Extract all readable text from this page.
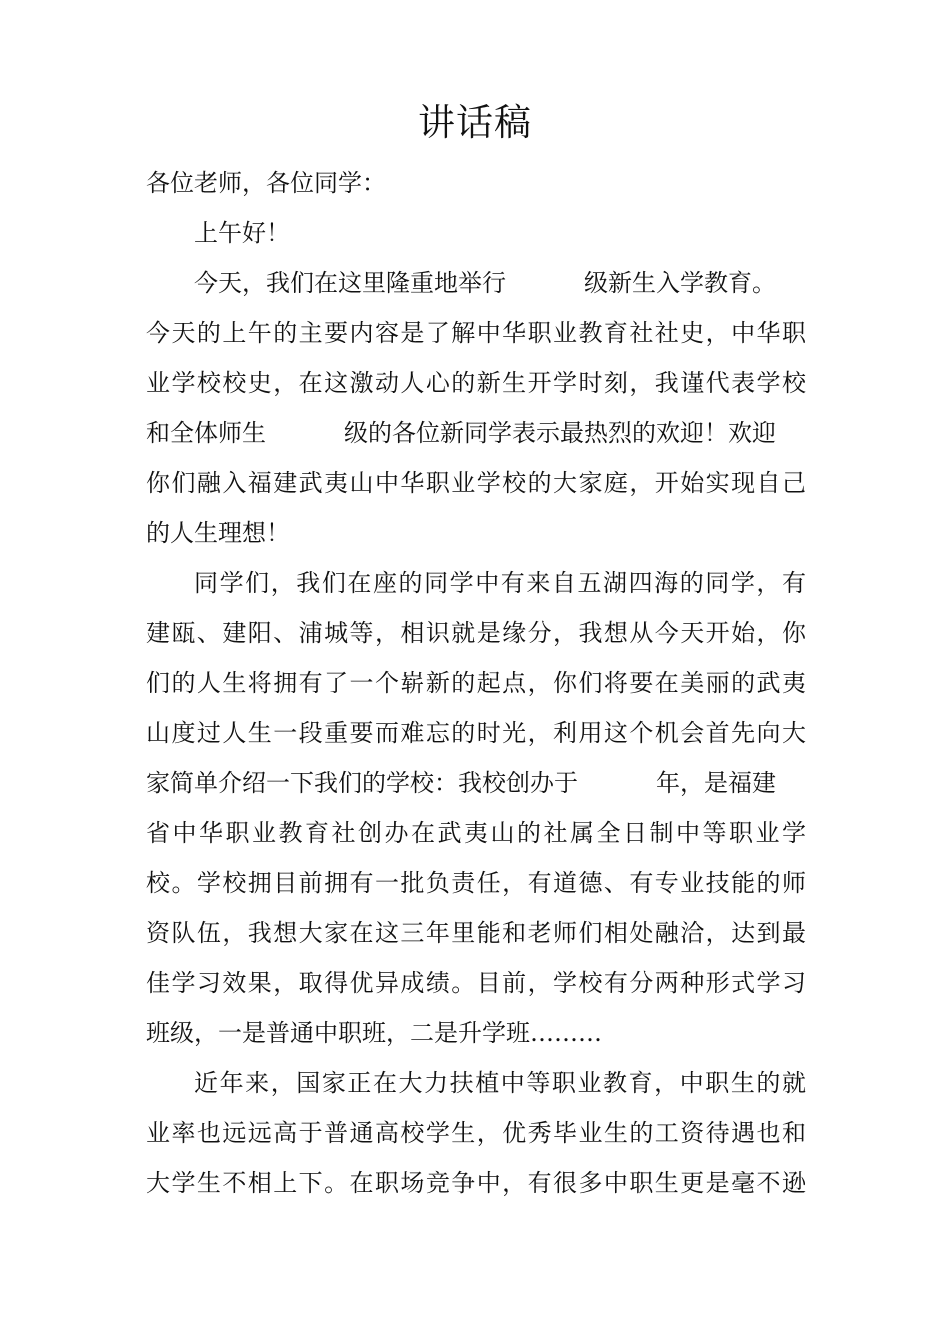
讲话稿
各位老师，各位同学：
上午好！
今天，我们在这里隆重地举行	级新生入学教育。
今天的上午的主要内容是了解中华职业教育社社史，中华职
业学校校史，在这激动人心的新生开学时刻，我谨代表学校
和全体师生	级的各位新同学表示最热烈的欢迎！欢迎
你们融入福建武夷山中华职业学校的大家庭，开始实现自己
的人生理想！
同学们，我们在座的同学中有来自五湖四海的同学，有
建瓯、建阳、浦城等，相识就是缘分，我想从今天开始，你
们的人生将拥有了一个崭新的起点，你们将要在美丽的武夷
山度过人生一段重要而难忘的时光，利用这个机会首先向大
家简单介绍一下我们的学校：我校创办于	年，是福建
省中华职业教育社创办在武夷山的社属全日制中等职业学
校。学校拥目前拥有一批负责任，有道德、有专业技能的师
资队伍，我想大家在这三年里能和老师们相处融洽，达到最
佳学习效果，取得优异成绩。目前，学校有分两种形式学习
班级，一是普通中职班，二是升学班………
近年来，国家正在大力扶植中等职业教育，中职生的就
业率也远远高于普通高校学生，优秀毕业生的工资待遇也和
大学生不相上下。在职场竞争中，有很多中职生更是毫不逊
